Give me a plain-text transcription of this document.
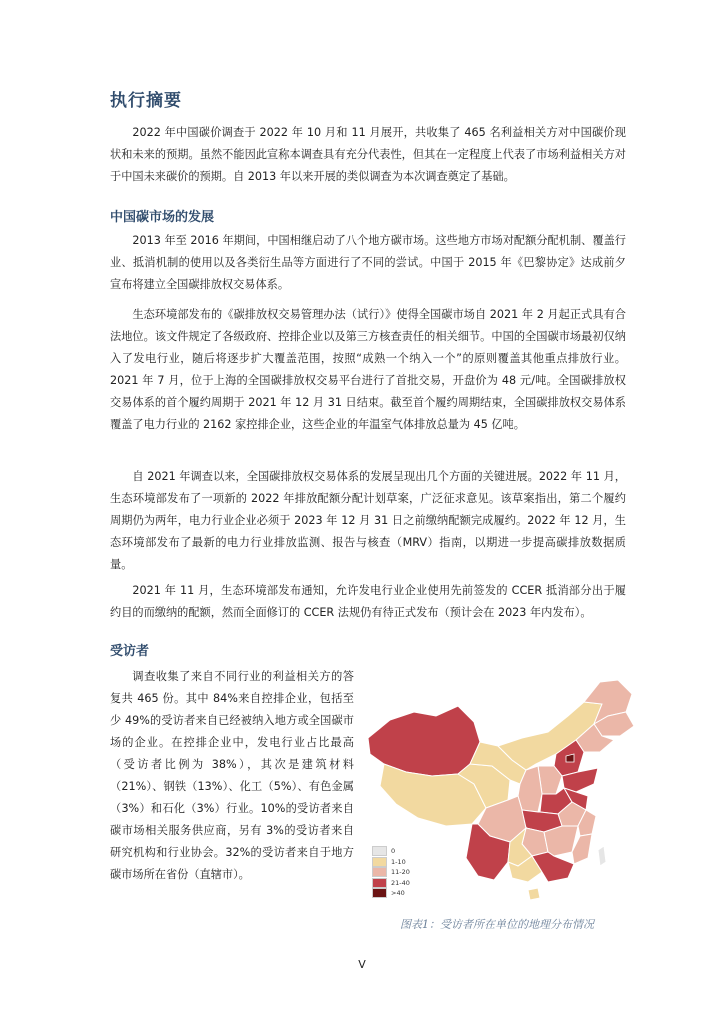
执行摘要

2022 年中国碳价调查于 2022 年 10 月和 11 月展开，共收集了 465 名利益相关方对中国碳价现状和未来的预期。虽然不能因此宣称本调查具有充分代表性，但其在一定程度上代表了市场利益相关方对于中国未来碳价的预期。自 2013 年以来开展的类似调查为本次调查奠定了基础。

中国碳市场的发展

2013 年至 2016 年期间，中国相继启动了八个地方碳市场。这些地方市场对配额分配机制、覆盖行业、抵消机制的使用以及各类衍生品等方面进行了不同的尝试。中国于 2015 年《巴黎协定》达成前夕宣布将建立全国碳排放权交易体系。

生态环境部发布的《碳排放权交易管理办法（试行）》使得全国碳市场自 2021 年 2 月起正式具有合法地位。该文件规定了各级政府、控排企业以及第三方核查责任的相关细节。中国的全国碳市场最初仅纳入了发电行业，随后将逐步扩大覆盖范围，按照“成熟一个纳入一个”的原则覆盖其他重点排放行业。2021 年 7 月，位于上海的全国碳排放权交易平台进行了首批交易，开盘价为 48 元/吨。全国碳排放权交易体系的首个履约周期于 2021 年 12 月 31 日结束。截至首个履约周期结束，全国碳排放权交易体系覆盖了电力行业的 2162 家控排企业，这些企业的年温室气体排放总量为 45 亿吨。

自 2021 年调查以来，全国碳排放权交易体系的发展呈现出几个方面的关键进展。2022 年 11 月，生态环境部发布了一项新的 2022 年排放配额分配计划草案，广泛征求意见。该草案指出，第二个履约周期仍为两年，电力行业企业必须于 2023 年 12 月 31 日之前缴纳配额完成履约。2022 年 12 月，生态环境部发布了最新的电力行业排放监测、报告与核查（MRV）指南，以期进一步提高碳排放数据质量。

2021 年 11 月，生态环境部发布通知，允许发电行业企业使用先前签发的 CCER 抵消部分出于履约目的而缴纳的配额，然而全面修订的 CCER 法规仍有待正式发布（预计会在 2023 年内发布）。

受访者

调查收集了来自不同行业的利益相关方的答复共 465 份。其中 84%来自控排企业，包括至少 49%的受访者来自已经被纳入地方或全国碳市场的企业。在控排企业中，发电行业占比最高（受访者比例为 38%），其次是建筑材料（21%）、钢铁（13%）、化工（5%）、有色金属（3%）和石化（3%）行业。10%的受访者来自碳市场相关服务供应商，另有 3%的受访者来自研究机构和行业协会。32%的受访者来自于地方碳市场所在省份（直辖市）。

0
1-10
11-20
21-40
>40
图表1：受访者所在单位的地理分布情况
V
